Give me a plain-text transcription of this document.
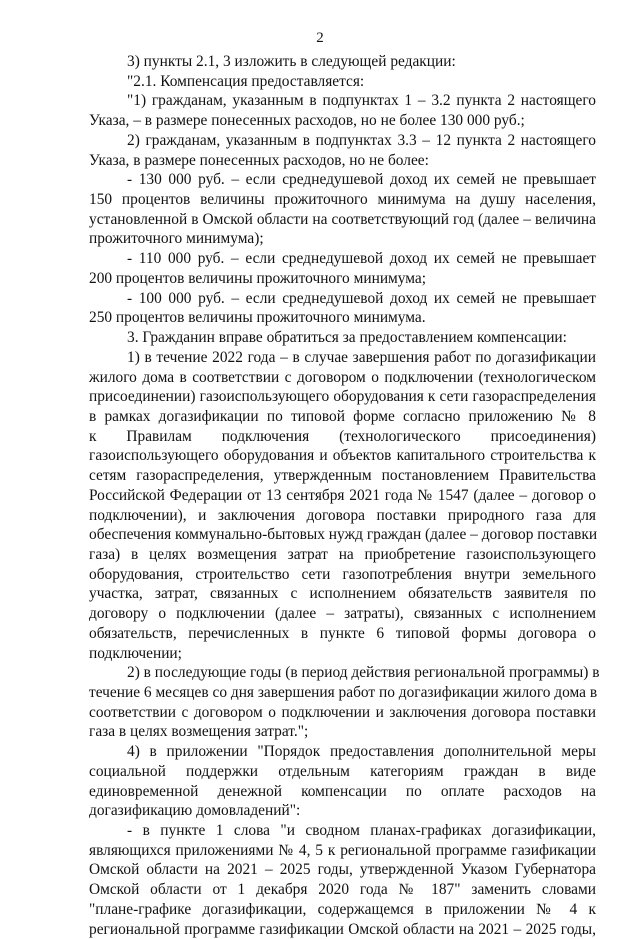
2
3) пункты 2.1, 3 изложить в следующей редакции:
"2.1. Компенсация предоставляется:
"1) гражданам, указанным в подпунктах 1 – 3.2 пункта 2 настоящего
Указа, – в размере понесенных расходов, но не более 130 000 руб.;
2) гражданам, указанным в подпунктах 3.3 – 12 пункта 2 настоящего
Указа, в размере понесенных расходов, но не более:
- 130 000 руб. – если среднедушевой доход их семей не превышает
150 процентов величины прожиточного минимума на душу населения,
установленной в Омской области на соответствующий год (далее – величина
прожиточного минимума);
- 110 000 руб. – если среднедушевой доход их семей не превышает
200 процентов величины прожиточного минимума;
- 100 000 руб. – если среднедушевой доход их семей не превышает
250 процентов величины прожиточного минимума.
3. Гражданин вправе обратиться за предоставлением компенсации:
1) в течение 2022 года – в случае завершения работ по догазификации
жилого дома в соответствии с договором о подключении (технологическом
присоединении) газоиспользующего оборудования к сети газораспределения
в рамках догазификации по типовой форме согласно приложению № 8
к Правилам подключения (технологического присоединения)
газоиспользующего оборудования и объектов капитального строительства к
сетям газораспределения, утвержденным постановлением Правительства
Российской Федерации от 13 сентября 2021 года № 1547 (далее – договор о
подключении), и заключения договора поставки природного газа для
обеспечения коммунально-бытовых нужд граждан (далее – договор поставки
газа) в целях возмещения затрат на приобретение газоиспользующего
оборудования, строительство сети газопотребления внутри земельного
участка, затрат, связанных с исполнением обязательств заявителя по
договору о подключении (далее – затраты), связанных с исполнением
обязательств, перечисленных в пункте 6 типовой формы договора о
подключении;
2) в последующие годы (в период действия региональной программы) в
течение 6 месяцев со дня завершения работ по догазификации жилого дома в
соответствии с договором о подключении и заключения договора поставки
газа в целях возмещения затрат.";
4) в приложении "Порядок предоставления дополнительной меры
социальной поддержки отдельным категориям граждан в виде
единовременной денежной компенсации по оплате расходов на
догазификацию домовладений":
- в пункте 1 слова "и сводном планах-графиках догазификации,
являющихся приложениями № 4, 5 к региональной программе газификации
Омской области на 2021 – 2025 годы, утвержденной Указом Губернатора
Омской области от 1 декабря 2020 года № 187" заменить словами
"плане-графике догазификации, содержащемся в приложении № 4 к
региональной программе газификации Омской области на 2021 – 2025 годы,
